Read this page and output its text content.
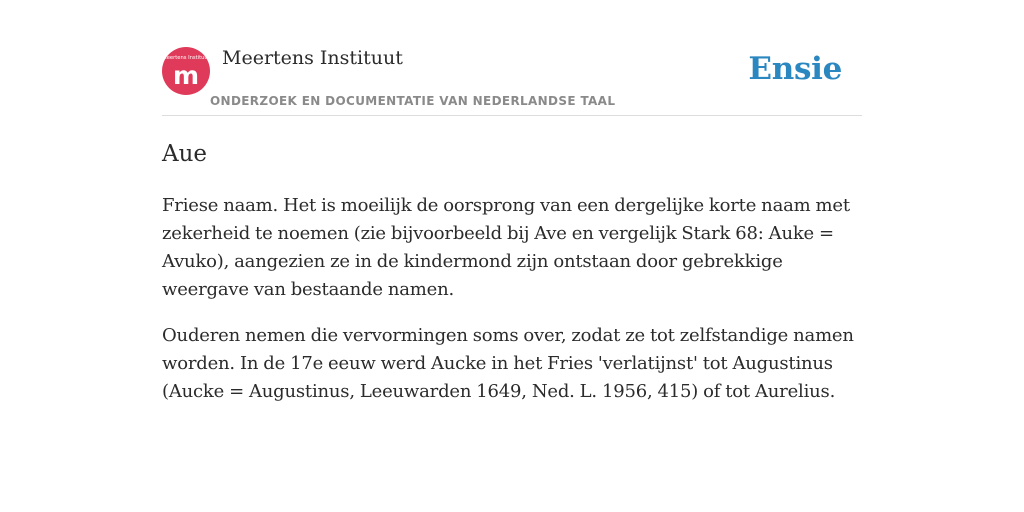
Meertens Instituut
m
Meertens Instituut
ONDERZOEK EN DOCUMENTATIE VAN NEDERLANDSE TAAL
Ensie
Aue

Friese naam. Het is moeilijk de oorsprong van een dergelijke korte naam met zekerheid te noemen (zie bijvoorbeeld bij Ave en vergelijk Stark 68: Auke = Avuko), aangezien ze in de kindermond zijn ontstaan door gebrekkige weergave van bestaande namen.

Ouderen nemen die vervormingen soms over, zodat ze tot zelfstandige namen worden. In de 17e eeuw werd Aucke in het Fries 'verlatijnst' tot Augustinus (Aucke = Augustinus, Leeuwarden 1649, Ned. L. 1956, 415) of tot Aurelius.
